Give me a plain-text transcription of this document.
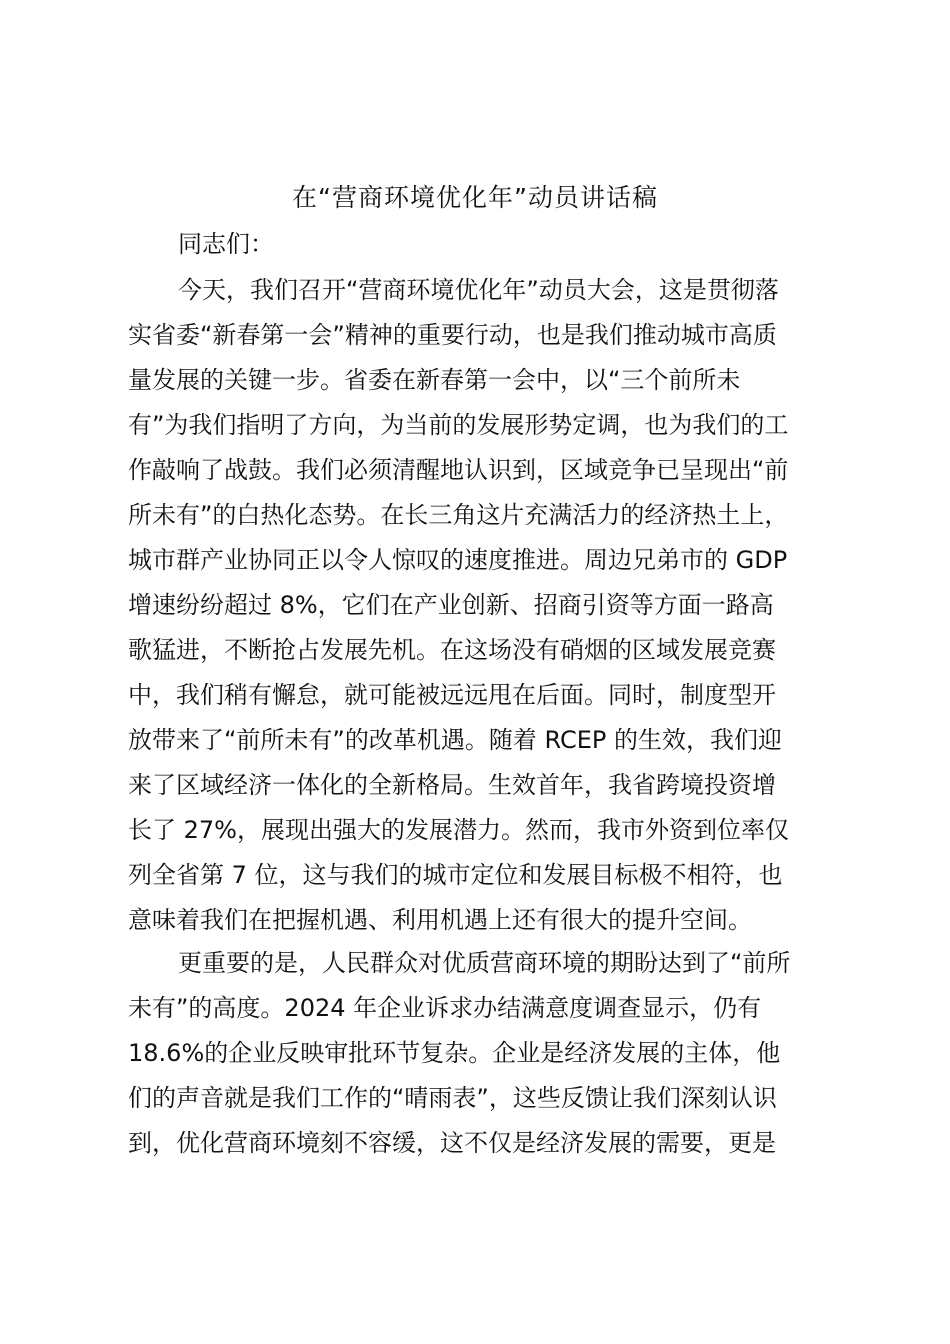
在“营商环境优化年”动员讲话稿
同志们：
今天，我们召开“营商环境优化年”动员大会，这是贯彻落
实省委“新春第一会”精神的重要行动，也是我们推动城市高质
量发展的关键一步。省委在新春第一会中，以“三个前所未
有”为我们指明了方向，为当前的发展形势定调，也为我们的工
作敲响了战鼓。我们必须清醒地认识到，区域竞争已呈现出“前
所未有”的白热化态势。在长三角这片充满活力的经济热土上，
城市群产业协同正以令人惊叹的速度推进。周边兄弟市的 GDP
增速纷纷超过 8%，它们在产业创新、招商引资等方面一路高
歌猛进，不断抢占发展先机。在这场没有硝烟的区域发展竞赛
中，我们稍有懈怠，就可能被远远甩在后面。同时，制度型开
放带来了“前所未有”的改革机遇。随着 RCEP 的生效，我们迎
来了区域经济一体化的全新格局。生效首年，我省跨境投资增
长了 27%，展现出强大的发展潜力。然而，我市外资到位率仅
列全省第 7 位，这与我们的城市定位和发展目标极不相符，也
意味着我们在把握机遇、利用机遇上还有很大的提升空间。
更重要的是，人民群众对优质营商环境的期盼达到了“前所
未有”的高度。2024 年企业诉求办结满意度调查显示，仍有
18.6%的企业反映审批环节复杂。企业是经济发展的主体，他
们的声音就是我们工作的“晴雨表”，这些反馈让我们深刻认识
到，优化营商环境刻不容缓，这不仅是经济发展的需要，更是
